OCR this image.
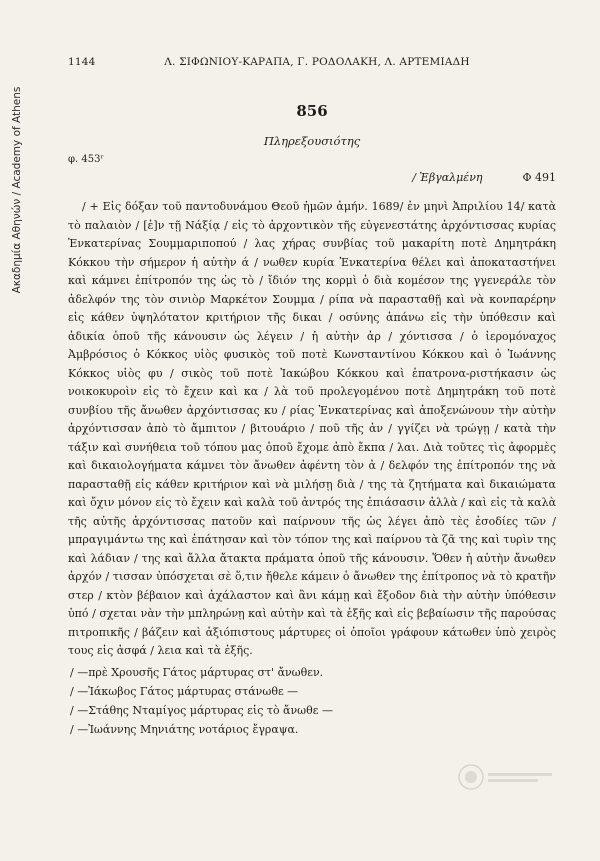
Ακαδημία Αθηνών / Academy of Athens
1144	Λ. ΣΙΦΩΝΙΟΥ-ΚΑΡΑΠΑ, Γ. ΡΟΔΟΛΑΚΗ, Λ. ΑΡΤΕΜΙΑΔΗ
856
Πληρεξουσιότης
φ. 453ʳ
/ Ἐβγαλμένη	Φ 491

/ + Εἰς δόξαν τοῦ παντοδυνάμου Θεοῦ ἡμῶν ἀμήν. 1689/ ἐν μηνὶ Ἀπριλίου 14/ κατὰ τὸ παλαιὸν / [ἐ]ν τῇ Νάξίᾳ / εἰς τὸ ἀρχοντικὸν τῆς εὐγενεστάτης ἀρχόντισσας κυρίας Ἐνκατερίνας Σουμμαριποπού / λας χήρας συνβίας τοῦ μακαρίτη ποτὲ Δημητράκη Κόκκου τὴν σήμερον ἡ αὐτὴν ά / νωθεν κυρία Ἐνκατερίνα θέλει καὶ ἀποκαταστήνει καὶ κάμνει ἐπίτροπόν της ὡς τὸ / ἴδιόν της κορμὶ ὁ διὰ κομέσον της γγενεράλε τὸν ἀδελφόν της τὸν σινιὸρ Μαρκέτον Σουμμα / ρίπα νὰ παρασταθῇ καὶ νὰ κονπαρέρην εἰς κάθεν ὑψηλότατον κριτήριον τῆς δικαι / οσύνης ἀπάνω εἰς τὴν ὑπόθεσιν καὶ ἀδικία ὁποῦ τῆς κάνουσιν ὡς λέγειν / ἡ αὐτὴν ἀρ / χόντισσα / ὁ ἱερομόναχος Ἀμβρόσιος ὁ Κόκκος υἱὸς φυσικὸς τοῦ ποτὲ Κωνσταντίνου Κόκκου καὶ ὁ Ἰωάννης Κόκκος υἱὸς φυ / σικὸς τοῦ ποτὲ Ἰακώβου Κόκκου καὶ ἐπατρονα-ριστήκασιν ὡς νοικοκυροὶν εἰς τὸ ἔχειν καὶ κα / λὰ τοῦ προλεγομένου ποτὲ Δημητράκη τοῦ ποτὲ συνβίου τῆς ἄνωθεν ἀρχόντισσας κυ / ρίας Ἐνκατερίνας καὶ ἀποξενώνουν τὴν αὐτὴν ἀρχόντισσαν ἀπὸ τὸ ἄμπιτον / βιτουάριο / ποῦ τῆς ἀν / γγίζει νὰ τρώγῃ / κατὰ τὴν τάξιν καὶ συνήθεια τοῦ τόπου μας ὁποῦ ἔχομε ἀπὸ ἔκπα / λαι. Διὰ τοῦτες τὶς ἀφορμὲς καὶ δικαιολογήματα κάμνει τὸν ἄνωθεν ἀφέντη τὸν ἀ / δελφόν της ἐπίτροπόν της νὰ παρασταθῇ εἰς κάθεν κριτήριον καὶ νὰ μιλήσῃ διὰ / της τὰ ζητήματα καὶ δικαιώματα καὶ ὄχιν μόνον εἰς τὸ ἔχειν καὶ καλὰ τοῦ ἀντρός της ἐπιάσασιν ἀλλὰ / καὶ εἰς τὰ καλὰ τῆς αὐτῆς ἀρχόντισσας πατοῦν καὶ παίρνουν τῆς ὡς λέγει ἀπὸ τὲς ἐσοδίες τῶν / μπραγιμάντω της καὶ ἐπάτησαν καὶ τὸν τόπον της καὶ παίρνου τὰ ζᾶ της καὶ τυρὶν της καὶ λάδιαν / της καὶ ἄλλα ἄτακτα πράματα ὁποῦ τῆς κάνουσιν. Ὅθεν ἡ αὐτὴν ἄνωθεν ἀρχόν / τισσαν ὑπόσχεται σὲ ὅ,τιν ἤθελε κάμειν ὁ ἄνωθεν της ἐπίτροπος νὰ τὸ κρατῆν στερ / κτὸν βέβαιον καὶ ἀχάλαστον καὶ ἂνι κάμῃ καὶ ἔξοδον διὰ τὴν αὐτὴν ὑπόθεσιν ὑπό / σχεται νὰν τὴν μπληρώνῃ καὶ αὐτὴν καὶ τὰ ἐξῆς καὶ εἰς βεβαίωσιν τῆς παρούσας πιτροπικῆς / βάζειν καὶ ἀξιόπιστους μάρτυρες οἱ ὁποῖοι γράφουν κάτωθεν ὑπὸ χειρὸς τους εἰς ἀσφά / λεια καὶ τὰ ἐξῆς.

/ —πρὲ Χρουσῆς Γάτος μάρτυρας στ' ἄνωθεν.
/ —Ἰάκωβος Γάτος μάρτυρας στάνωθε —
/ —Στάθης Νταμίγος μάρτυρας εἰς τὸ ἄνωθε —
/ —Ἰωάννης Μηνιάτης νοτάριος ἔγραψα.
